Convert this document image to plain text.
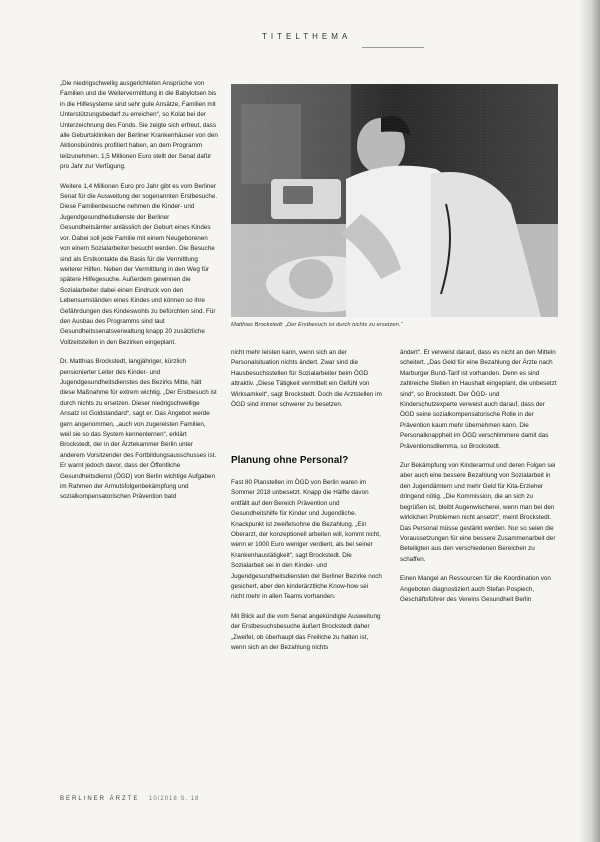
TITELTHEMA

„Die niedrigschwellig ausgerichteten Ansprüche von Familien und die Weitervermittlung in die Babylotsen bis in die Hilfesysteme sind sehr gute Ansätze, Familien mit Unterstützungsbedarf zu erreichen“, so Kolat bei der Unterzeichnung des Fonds. Sie zeigte sich erfreut, dass alle Geburtskliniken der Berliner Krankenhäuser von den Aktionsbündnis profitiert haben, an dem Programm teilzunehmen. 1,5 Millionen Euro stellt der Senat dafür pro Jahr zur Verfügung.

Weitere 1,4 Millionen Euro pro Jahr gibt es vom Berliner Senat für die Ausweitung der sogenannten Erstbesuche. Diese Familienbesuche nehmen die Kinder- und Jugendgesundheitsdienste der Berliner Gesundheitsämter anlässlich der Geburt eines Kindes vor. Dabei soll jede Familie mit einem Neugeborenen von einem Sozialarbeiter besucht werden. Die Besuche sind als Erstkontakte die Basis für die Vermittlung weiterer Hilfen. Neben der Vermittlung in den Weg für spätere Hilfegesuche. Außerdem gewinnen die Sozialarbeiter dabei einen Eindruck von den Lebensumständen eines Kindes und können so ihre Gefährdungen des Kindeswohls zu befürchten sind. Für den Ausbau des Programms sind laut Gesundheitssenatsverwaltung knapp 20 zusätzliche Vollzeitstellen in den Bezirken eingeplant.

Dr. Matthias Brockstedt, langjähriger, kürzlich pensionierter Leiter des Kinder- und Jugendgesundheitsdienstes des Bezirks Mitte, hält diese Maßnahme für extrem wichtig. „Der Erstbesuch ist durch nichts zu ersetzen. Dieser niedrigschwellige Ansatz ist Goldstandard“, sagt er. Das Angebot werde gern angenommen, „auch von zugereisten Familien, weil sie so das System kennenlernen“, erklärt Brockstedt, der in der Ärztekammer Berlin unter anderem Vorsitzender des Fortbildungsausschusses ist. Er warnt jedoch davor, dass der Öffentliche Gesundheitsdienst (ÖGD) von Berlin wichtige Aufgaben im Rahmen der Armutsfolgenbekämpfung und sozialkompensatorischen Prävention bald

Matthias Brockstedt: „Der Erstbesuch ist durch nichts zu ersetzen.“

nicht mehr leisten kann, wenn sich an der Personalsituation nichts ändert. Zwar sind die Hausbesuchsstellen für Sozialarbeiter beim ÖGD attraktiv. „Diese Tätigkeit vermittelt ein Gefühl von Wirksamkeit“, sagt Brockstedt. Doch die Arztstellen im ÖGD sind immer schwerer zu besetzen.

Planung ohne Personal?

Fast 80 Planstellen im ÖGD von Berlin waren im Sommer 2018 unbesetzt. Knapp die Hälfte davon entfällt auf den Bereich Prävention und Gesundheitshilfe für Kinder und Jugendliche. Knackpunkt ist zweifelsohne die Bezahlung. „Ein Oberarzt, der konzeptionell arbeiten will, kommt nicht, wenn er 1000 Euro weniger verdient, als bei seiner Krankenhaustätigkeit“, sagt Brockstedt. Die Sozialarbeit sei in den Kinder- und Jugendgesundheitsdiensten der Berliner Bezirke noch gesichert, aber den kinderärztliche Know-how sei nicht mehr in allen Teams vorhanden.

Mit Blick auf die vom Senat angekündigte Ausweitung der Erstbesuchsbesuche äußert Brockstedt daher „Zweifel, ob überhaupt das Freiliche zu halten ist, wenn sich an der Bezahlung nichts

ändert“. Er verweist darauf, dass es nicht an den Mitteln scheitert. „Das Geld für eine Bezahlung der Ärzte nach Marburger Bund-Tarif ist vorhanden. Denn es sind zahlreiche Stellen im Haushalt eingeplant, die unbesetzt sind“, so Brockstedt. Der ÖGD- und Kinderschutzexperte verweist auch darauf, dass der ÖGD seine sozialkompensatorische Rolle in der Prävention kaum mehr übernehmen kann. Die Personalknappheit im ÖGD verschlimmere damit das Präventionsdilemma, so Brockstedt.

Zur Bekämpfung von Kinderarmut und deren Folgen sei aber auch eine bessere Bezahlung von Sozialarbeit in den Jugendämtern und mehr Geld für Kita-Erzieher dringend nötig. „Die Kommission, die an sich zu begrüßen ist, bleibt Augenwischerei, wenn man bei den wirklichen Problemen nicht ansetzt“, meint Brockstedt. Das Personal müsse gestärkt werden. Nur so seien die Voraussetzungen für eine bessere Zusammenarbeit der Beteiligten aus den verschiedenen Bereichen zu schaffen.

Einen Mangel an Ressourcen für die Koordination von Angeboten diagnostiziert auch Stefan Pospiech, Geschäftsführer des Vereins Gesundheit Berlin

BERLINER ÄRZTE 10/2018 S. 18
